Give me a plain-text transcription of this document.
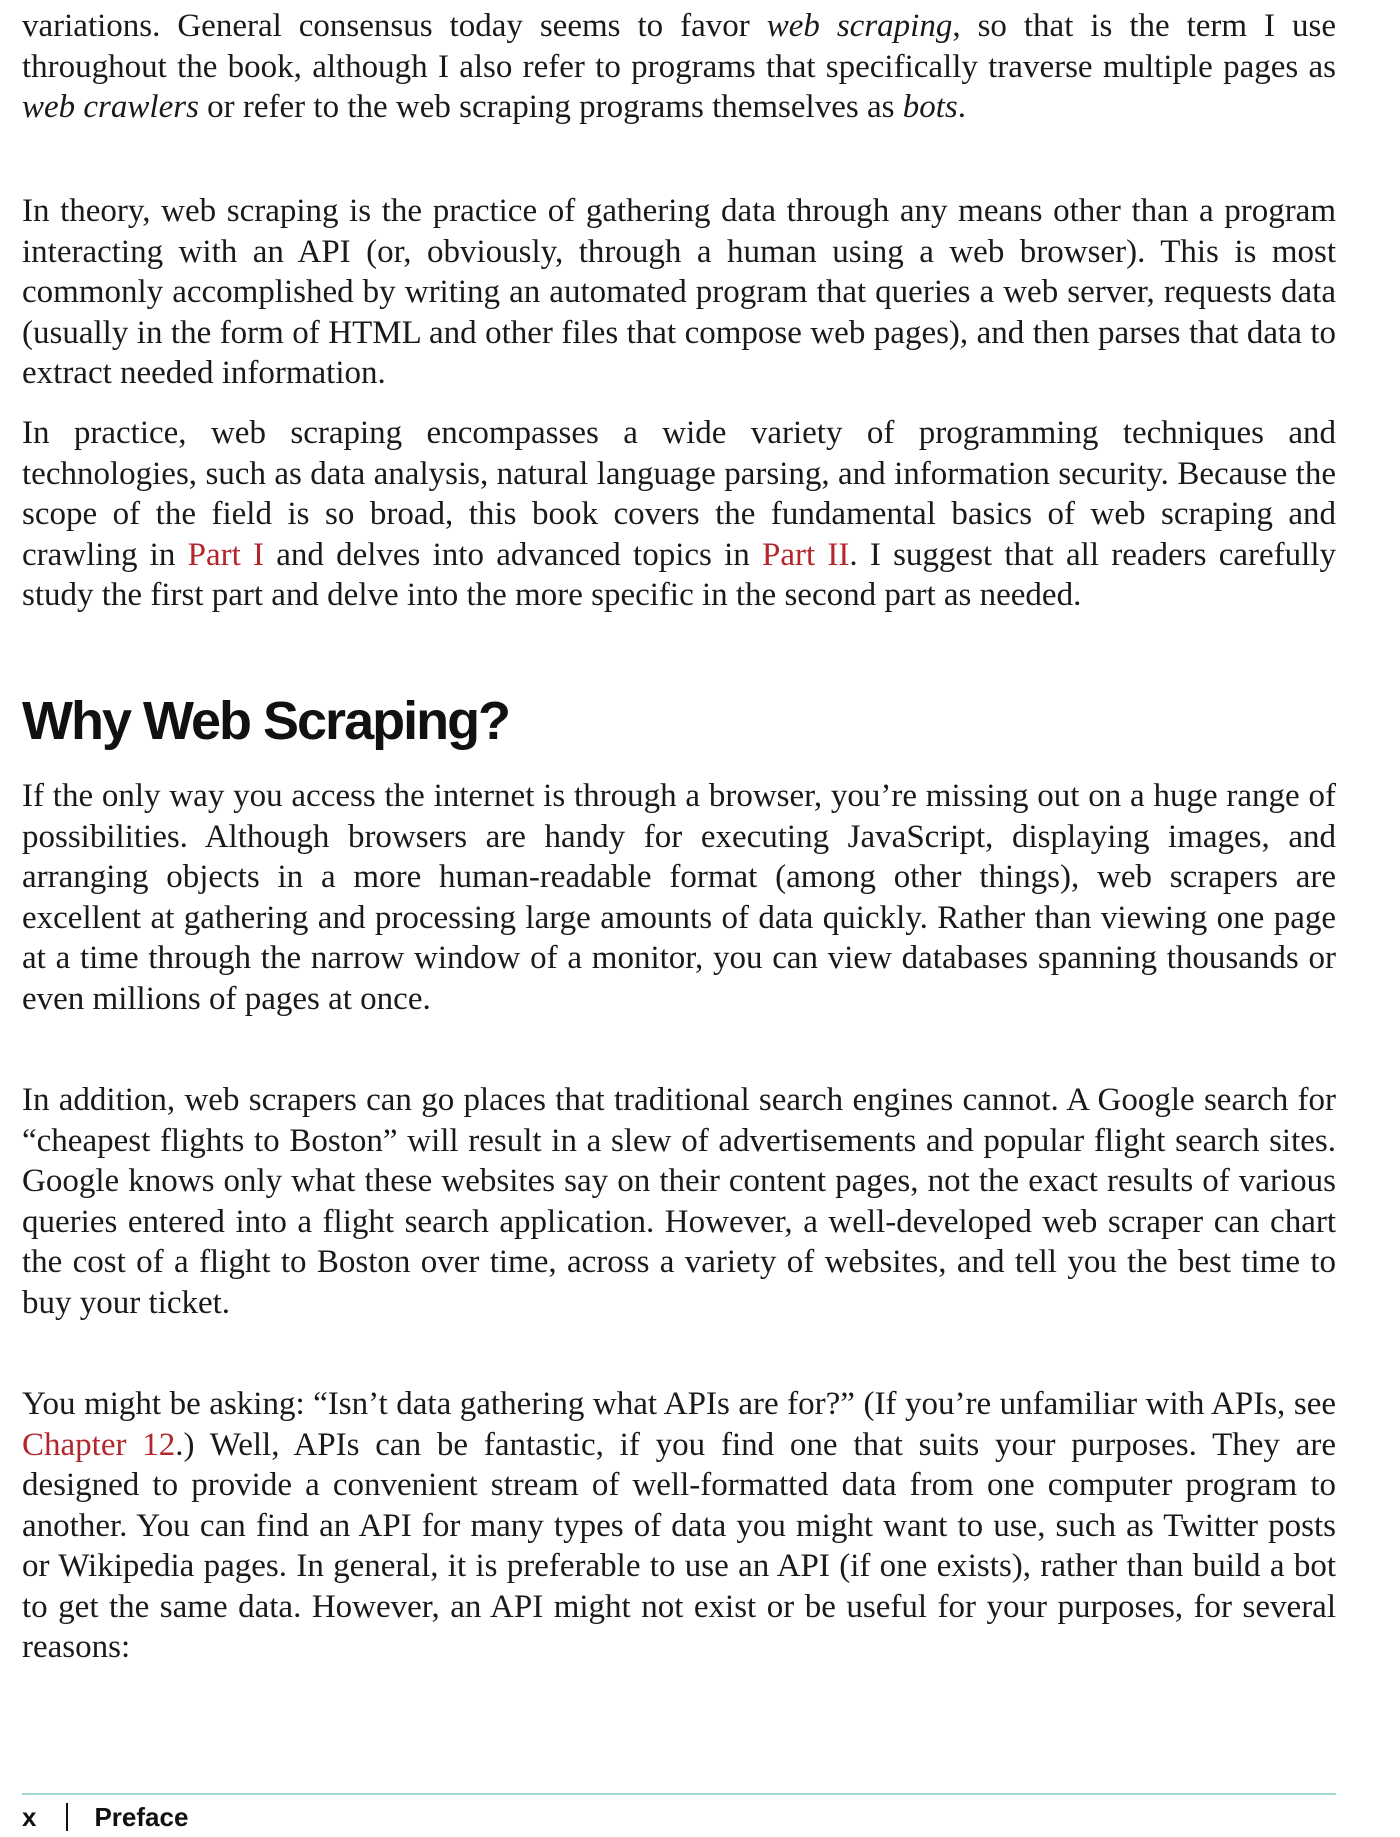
variations. General consensus today seems to favor web scraping, so that is the term I use throughout the book, although I also refer to programs that specifically traverse multiple pages as web crawlers or refer to the web scraping programs themselves as bots.

In theory, web scraping is the practice of gathering data through any means other than a program interacting with an API (or, obviously, through a human using a web browser). This is most commonly accomplished by writing an automated program that queries a web server, requests data (usually in the form of HTML and other files that compose web pages), and then parses that data to extract needed information.

In practice, web scraping encompasses a wide variety of programming techniques and technologies, such as data analysis, natural language parsing, and information security. Because the scope of the field is so broad, this book covers the fundamental basics of web scraping and crawling in Part I and delves into advanced topics in Part II. I suggest that all readers carefully study the first part and delve into the more specific in the second part as needed.

Why Web Scraping?

If the only way you access the internet is through a browser, you’re missing out on a huge range of possibilities. Although browsers are handy for executing JavaScript, displaying images, and arranging objects in a more human-readable format (among other things), web scrapers are excellent at gathering and processing large amounts of data quickly. Rather than viewing one page at a time through the narrow window of a monitor, you can view databases spanning thousands or even millions of pages at once.

In addition, web scrapers can go places that traditional search engines cannot. A Google search for “cheapest flights to Boston” will result in a slew of advertisements and popular flight search sites. Google knows only what these websites say on their content pages, not the exact results of various queries entered into a flight search application. However, a well-developed web scraper can chart the cost of a flight to Boston over time, across a variety of websites, and tell you the best time to buy your ticket.

You might be asking: “Isn’t data gathering what APIs are for?” (If you’re unfamiliar with APIs, see Chapter 12.) Well, APIs can be fantastic, if you find one that suits your purposes. They are designed to provide a convenient stream of well-formatted data from one computer program to another. You can find an API for many types of data you might want to use, such as Twitter posts or Wikipedia pages. In general, it is preferable to use an API (if one exists), rather than build a bot to get the same data. However, an API might not exist or be useful for your purposes, for several reasons:

x Preface
